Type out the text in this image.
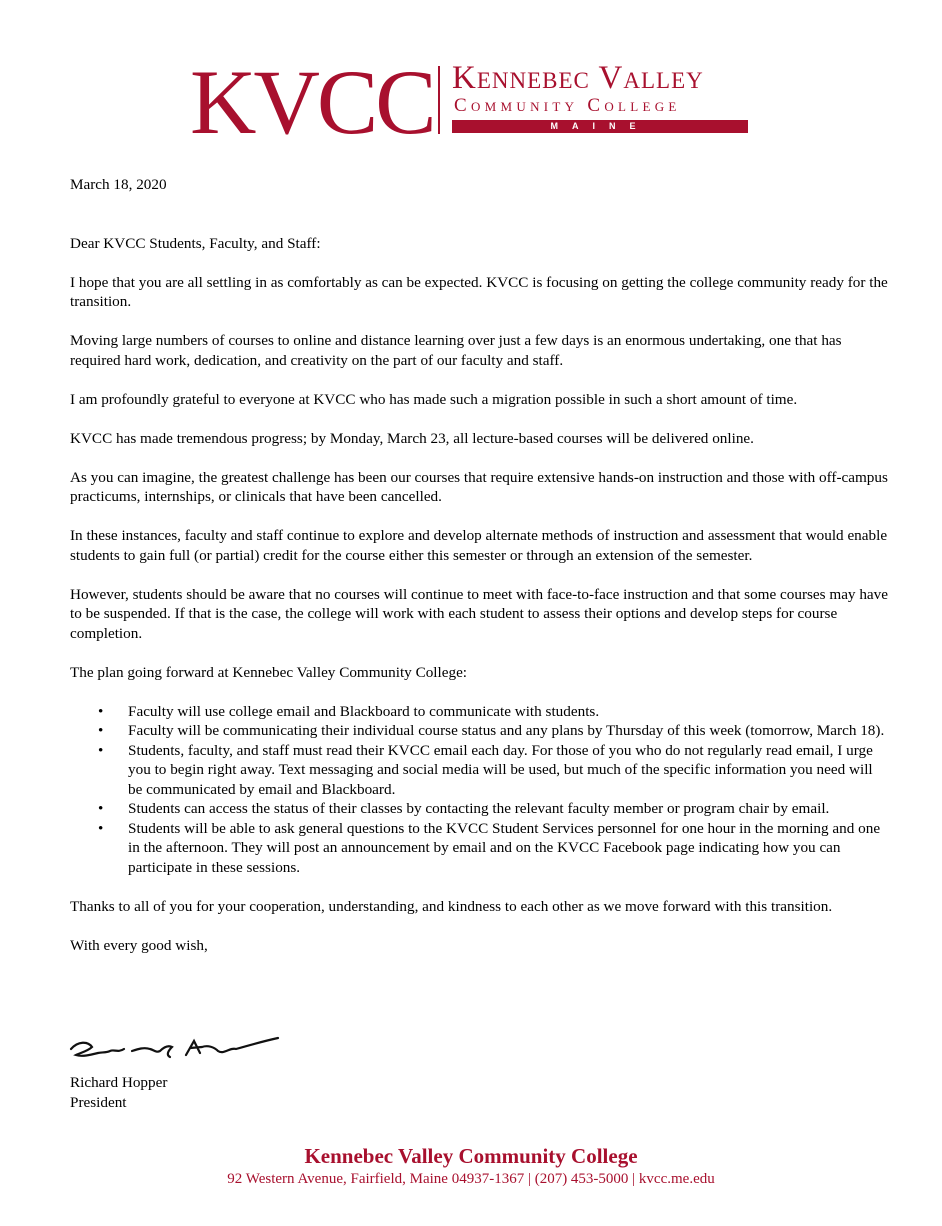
KVCC Kennebec Valley
Community College
MAINE

March 18, 2020

Dear KVCC Students, Faculty, and Staff:

I hope that you are all settling in as comfortably as can be expected. KVCC is focusing on getting the college community ready for the transition.

Moving large numbers of courses to online and distance learning over just a few days is an enormous undertaking, one that has required hard work, dedication, and creativity on the part of our faculty and staff.

I am profoundly grateful to everyone at KVCC who has made such a migration possible in such a short amount of time.

KVCC has made tremendous progress; by Monday, March 23, all lecture-based courses will be delivered online.

As you can imagine, the greatest challenge has been our courses that require extensive hands-on instruction and those with off-campus practicums, internships, or clinicals that have been cancelled.

In these instances, faculty and staff continue to explore and develop alternate methods of instruction and assessment that would enable students to gain full (or partial) credit for the course either this semester or through an extension of the semester.

However, students should be aware that no courses will continue to meet with face-to-face instruction and that some courses may have to be suspended. If that is the case, the college will work with each student to assess their options and develop steps for course completion.

The plan going forward at Kennebec Valley Community College:

• Faculty will use college email and Blackboard to communicate with students.
• Faculty will be communicating their individual course status and any plans by Thursday of this week (tomorrow, March 18).
• Students, faculty, and staff must read their KVCC email each day. For those of you who do not regularly read email, I urge you to begin right away. Text messaging and social media will be used, but much of the specific information you need will be communicated by email and Blackboard.
• Students can access the status of their classes by contacting the relevant faculty member or program chair by email.
• Students will be able to ask general questions to the KVCC Student Services personnel for one hour in the morning and one in the afternoon. They will post an announcement by email and on the KVCC Facebook page indicating how you can participate in these sessions.

Thanks to all of you for your cooperation, understanding, and kindness to each other as we move forward with this transition.

With every good wish,

Richard Hopper
President
Kennebec Valley Community College
92 Western Avenue, Fairfield, Maine 04937-1367 | (207) 453-5000 | kvcc.me.edu
